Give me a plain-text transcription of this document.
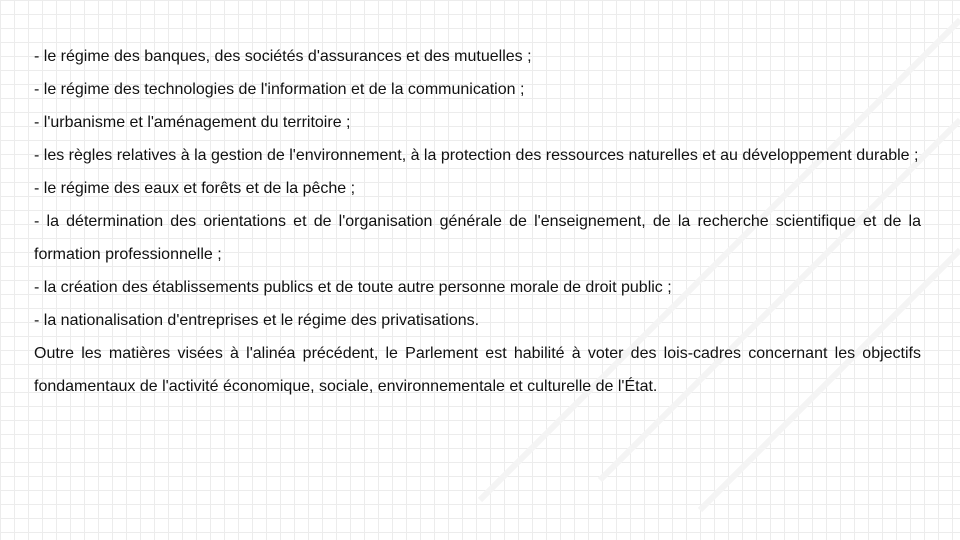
- le régime des banques, des sociétés d'assurances et des mutuelles ;

- le régime des technologies de l'information et de la communication ;

- l'urbanisme et l'aménagement du territoire ;

- les règles relatives à la gestion de l'environnement, à la protection des ressources naturelles et au développement durable ;

- le régime des eaux et forêts et de la pêche ;

- la détermination des orientations et de l'organisation générale de l'enseignement, de la recherche scientifique et de la formation professionnelle ;

- la création des établissements publics et de toute autre personne morale de droit public ;

- la nationalisation d'entreprises et le régime des privatisations.

Outre les matières visées à l'alinéa précédent, le Parlement est habilité à voter des lois-cadres concernant les objectifs fondamentaux de l'activité économique, sociale, environnementale et culturelle de l'État.
